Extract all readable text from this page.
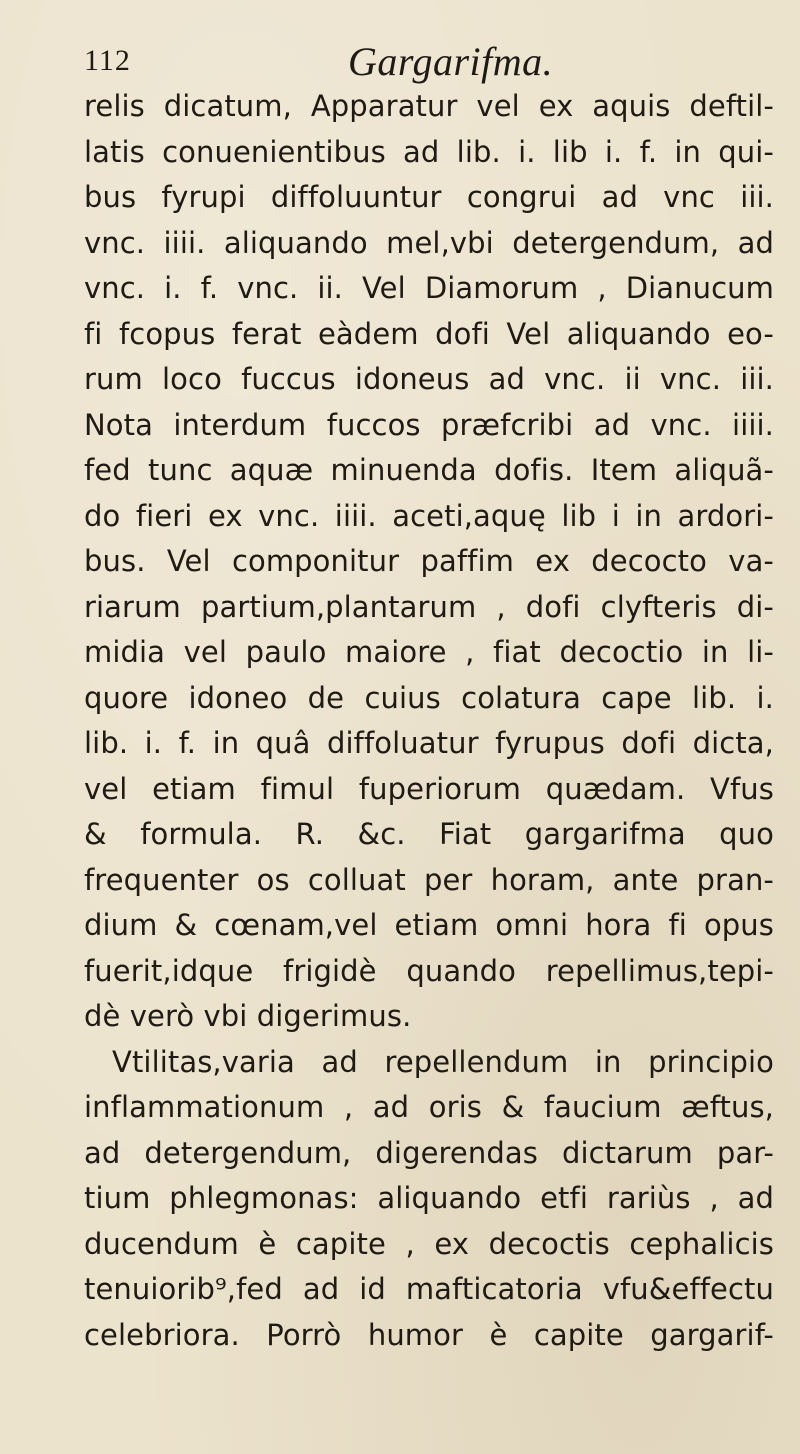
112	Gargarifma.
relis dicatum, Apparatur vel ex aquis deftil-
latis conuenientibus ad lib. i. lib i. f. in qui-
bus fyrupi diffoluuntur congrui ad vnc iii.
vnc. iiii. aliquando mel,vbi detergendum, ad
vnc. i. f. vnc. ii. Vel Diamorum , Dianucum
fi fcopus ferat eàdem dofi Vel aliquando eo-
rum loco fuccus idoneus ad vnc. ii vnc. iii.
Nota interdum fuccos præfcribi ad vnc. iiii.
fed tunc aquæ minuenda dofis. Item aliquã-
do fieri ex vnc. iiii. aceti,aquę lib i in ardori-
bus. Vel componitur paffim ex decocto va-
riarum partium,plantarum , dofi clyfteris di-
midia vel paulo maiore , fiat decoctio in li-
quore idoneo de cuius colatura cape lib. i.
lib. i. f. in quâ diffoluatur fyrupus dofi dicta,
vel etiam fimul fuperiorum quædam. Vfus
& formula. R. &c. Fiat gargarifma quo
frequenter os colluat per horam, ante pran-
dium & cœnam,vel etiam omni hora fi opus
fuerit,idque frigidè quando repellimus,tepi-
dè verò vbi digerimus.
Vtilitas,varia ad repellendum in principio
inflammationum , ad oris & faucium æftus,
ad detergendum, digerendas dictarum par-
tium phlegmonas: aliquando etfi rariùs , ad
ducendum è capite , ex decoctis cephalicis
tenuiorib⁹,fed ad id mafticatoria vfu&effectu
celebriora. Porrò humor è capite gargarif-
